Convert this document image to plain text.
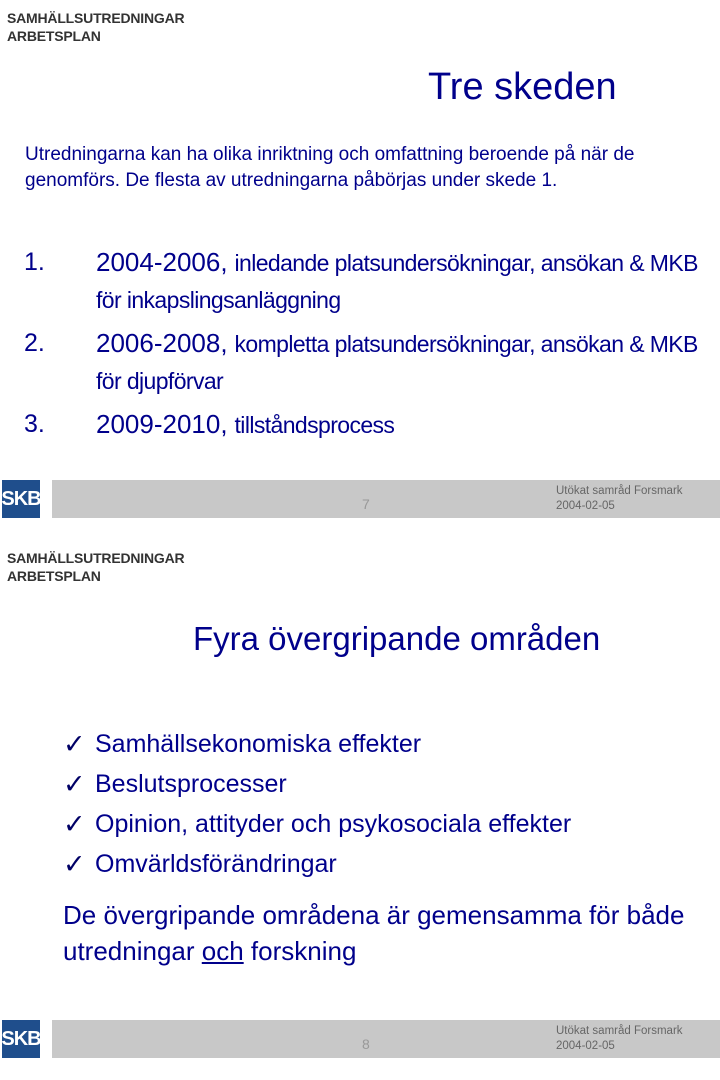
SAMHÄLLSUTREDNINGAR
ARBETSPLAN
Tre skeden
Utredningarna kan ha olika inriktning och omfattning beroende på när de genomförs. De flesta av utredningarna påbörjas under skede 1.
1. 2004-2006, inledande platsundersökningar, ansökan & MKB för inkapslingsanläggning
2. 2006-2008, kompletta platsundersökningar, ansökan & MKB för djupförvar
3. 2009-2010, tillståndsprocess
SKB	7
Utökat samråd Forsmark
2004-02-05
SAMHÄLLSUTREDNINGAR
ARBETSPLAN
Fyra övergripande områden
✓ Samhällsekonomiska effekter
✓ Beslutsprocesser
✓ Opinion, attityder och psykosociala effekter
✓ Omvärldsförändringar
De övergripande områdena är gemensamma för både utredningar och forskning
SKB	8
Utökat samråd Forsmark
2004-02-05
